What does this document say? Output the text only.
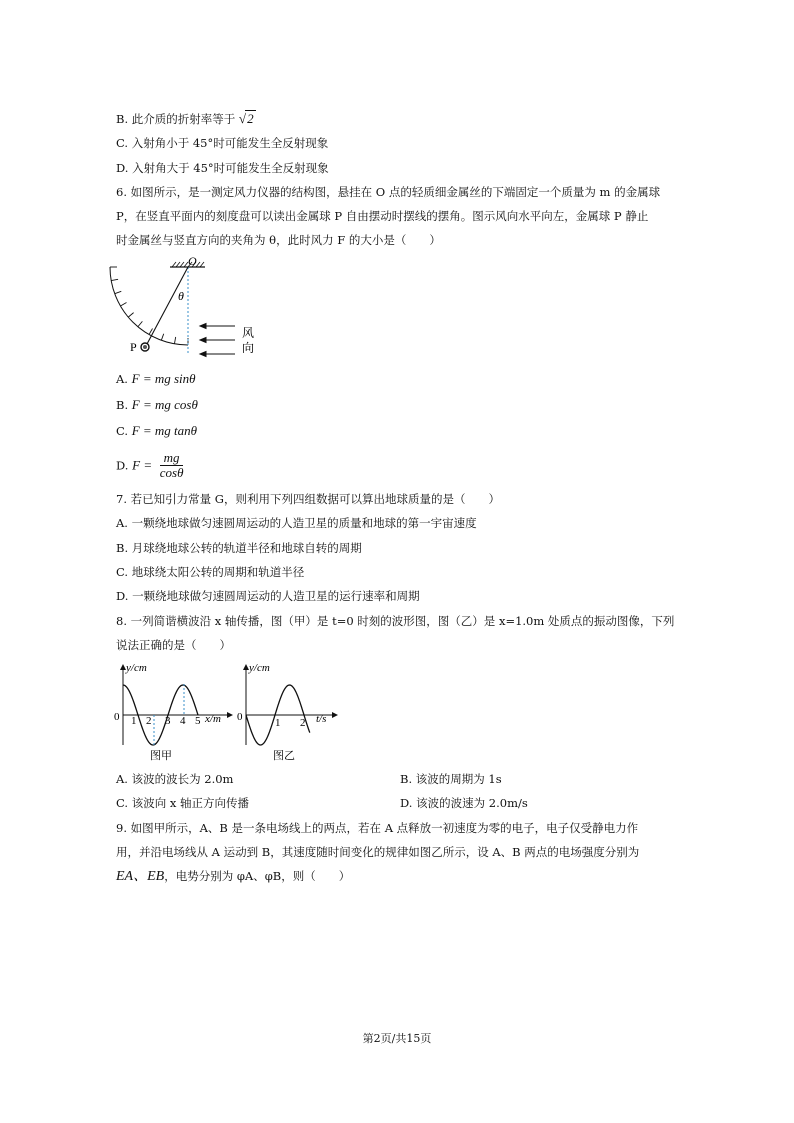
B. 此介质的折射率等于 √2
C. 入射角小于 45°时可能发生全反射现象
D. 入射角大于 45°时可能发生全反射现象
6. 如图所示，是一测定风力仪器的结构图，悬挂在 O 点的轻质细金属丝的下端固定一个质量为 m 的金属球
P，在竖直平面内的刻度盘可以读出金属球 P 自由摆动时摆线的摆角。图示风向水平向左，金属球 P 静止
时金属丝与竖直方向的夹角为 θ，此时风力 F 的大小是（　　）
O
P
θ
风
向
A. F = mg sinθ
B. F = mg cosθ
C. F = mg tanθ
D. $F = \frac{mg}{\cos\theta}$
7. 若已知引力常量 G，则利用下列四组数据可以算出地球质量的是（　　）
A. 一颗绕地球做匀速圆周运动的人造卫星的质量和地球的第一宇宙速度
B. 月球绕地球公转的轨道半径和地球自转的周期
C. 地球绕太阳公转的周期和轨道半径
D. 一颗绕地球做匀速圆周运动的人造卫星的运行速率和周期
8. 一列简谐横波沿 x 轴传播，图（甲）是 t=0 时刻的波形图，图（乙）是 x=1.0m 处质点的振动图像，下列
说法正确的是（　　）
y/cm
0 1 2 3 4 5 x/m
图甲
y/cm
0	1 2 t/s
图乙
A. 该波的波长为 2.0m	B. 该波的周期为 1s
C. 该波向 x 轴正方向传播	D. 该波的波速为 2.0m/s
9. 如图甲所示，A、B 是一条电场线上的两点，若在 A 点释放一初速度为零的电子，电子仅受静电力作
用，并沿电场线从 A 运动到 B，其速度随时间变化的规律如图乙所示，设 A、B 两点的电场强度分别为
EA、EB，电势分别为 φA、φB，则（　　）
第2页/共15页
